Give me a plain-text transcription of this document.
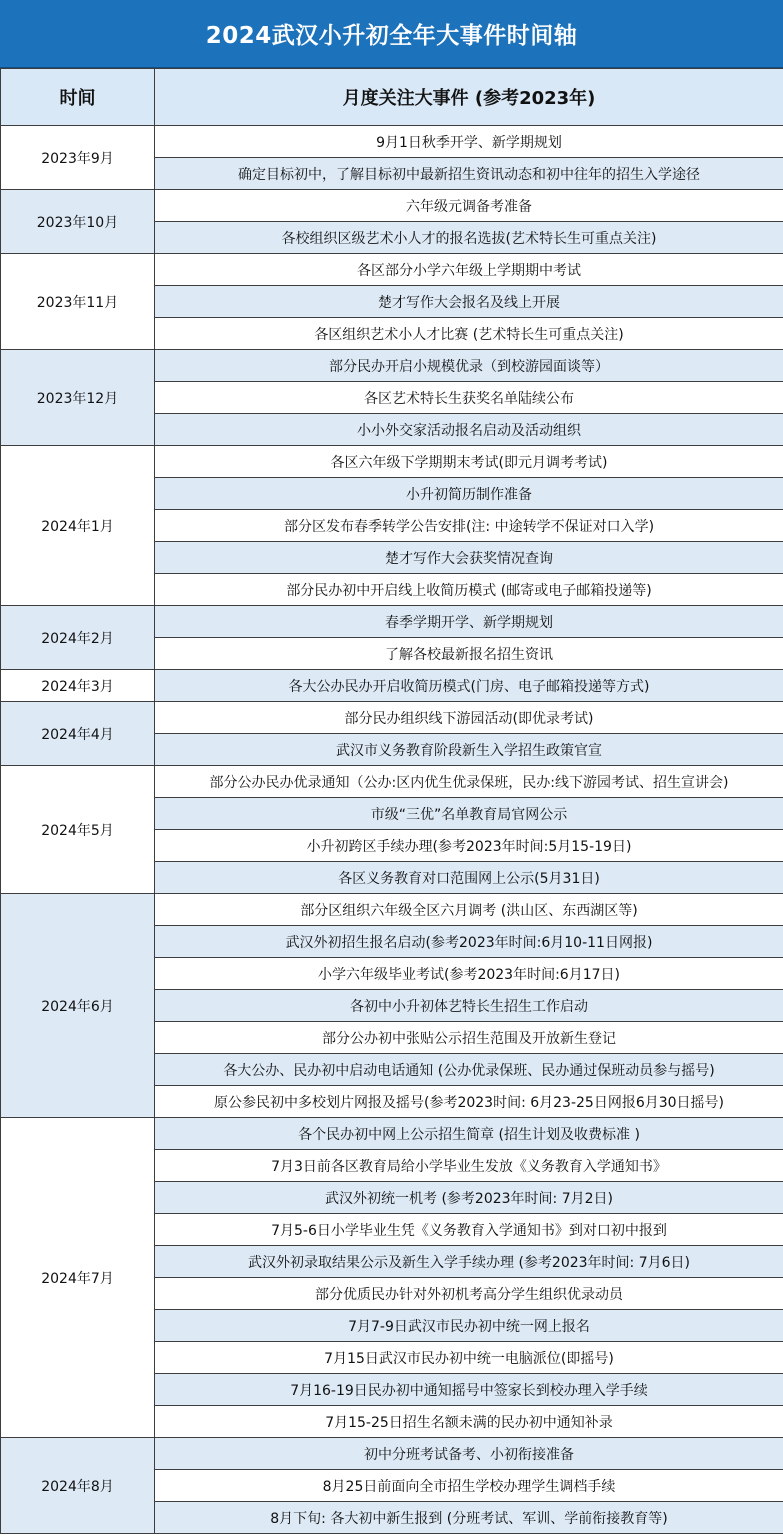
2024武汉小升初全年大事件时间轴
时间	月度关注大事件 (参考2023年)
2023年9月	9月1日秋季开学、新学期规划
	确定目标初中，了解目标初中最新招生资讯动态和初中往年的招生入学途径
2023年10月	六年级元调备考准备
	各校组织区级艺术小人才的报名选拔(艺术特长生可重点关注)
2023年11月	各区部分小学六年级上学期期中考试
	楚才写作大会报名及线上开展
	各区组织艺术小人才比赛 (艺术特长生可重点关注)
2023年12月	部分民办开启小规模优录（到校游园面谈等）
	各区艺术特长生获奖名单陆续公布
	小小外交家活动报名启动及活动组织
2024年1月	各区六年级下学期期末考试(即元月调考考试)
	小升初简历制作准备
	部分区发布春季转学公告安排(注: 中途转学不保证对口入学)
	楚才写作大会获奖情况查询
	部分民办初中开启线上收简历模式 (邮寄或电子邮箱投递等)
2024年2月	春季学期开学、新学期规划
	了解各校最新报名招生资讯
2024年3月	各大公办民办开启收简历模式(门房、电子邮箱投递等方式)
2024年4月	部分民办组织线下游园活动(即优录考试)
	武汉市义务教育阶段新生入学招生政策官宣
2024年5月	部分公办民办优录通知（公办:区内优生优录保班，民办:线下游园考试、招生宣讲会)
	市级“三优”名单教育局官网公示
	小升初跨区手续办理(参考2023年时间:5月15-19日)
	各区义务教育对口范围网上公示(5月31日)
2024年6月	部分区组织六年级全区六月调考 (洪山区、东西湖区等)
	武汉外初招生报名启动(参考2023年时间:6月10-11日网报)
	小学六年级毕业考试(参考2023年时间:6月17日)
	各初中小升初体艺特长生招生工作启动
	部分公办初中张贴公示招生范围及开放新生登记
	各大公办、民办初中启动电话通知 (公办优录保班、民办通过保班动员参与摇号)
	原公参民初中多校划片网报及摇号(参考2023时间: 6月23-25日网报6月30日摇号)
2024年7月	各个民办初中网上公示招生简章 (招生计划及收费标准 )
	7月3日前各区教育局给小学毕业生发放《义务教育入学通知书》
	武汉外初统一机考 (参考2023年时间: 7月2日)
	7月5-6日小学毕业生凭《义务教育入学通知书》到对口初中报到
	武汉外初录取结果公示及新生入学手续办理 (参考2023年时间: 7月6日)
	部分优质民办针对外初机考高分学生组织优录动员
	7月7-9日武汉市民办初中统一网上报名
	7月15日武汉市民办初中统一电脑派位(即摇号)
	7月16-19日民办初中通知摇号中签家长到校办理入学手续
	7月15-25日招生名额未满的民办初中通知补录
2024年8月	初中分班考试备考、小初衔接准备
	8月25日前面向全市招生学校办理学生调档手续
	8月下旬: 各大初中新生报到 (分班考试、军训、学前衔接教育等)
